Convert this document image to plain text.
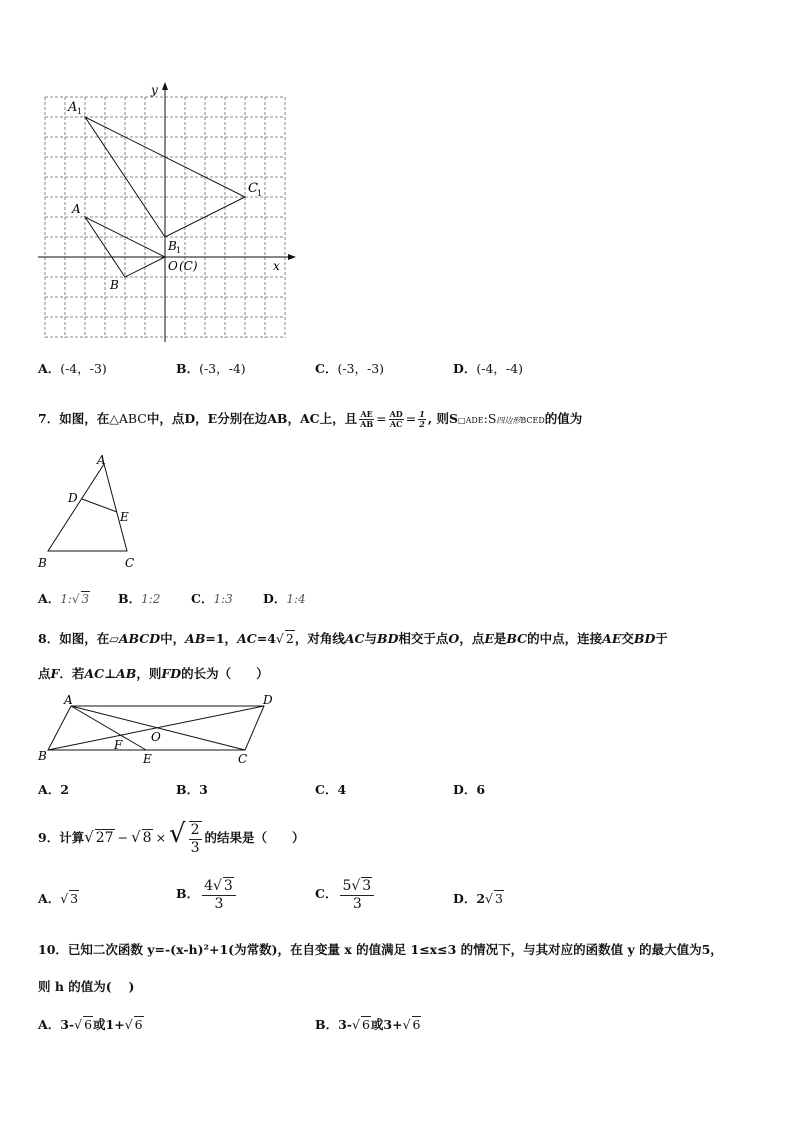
y
x
A 1
C 1
A
B 1
O (C)
B
A．(-4，-3)	B．(-3，-4)	C．(-3，-3)	D．(-4，-4)
7．如图，在△ABC中，点D，E分别在边AB，AC上，且 $\frac{AE}{AB} = \frac{AD}{AC} = \frac{1}{2}$ , 则S□ADE:S四边形BCED的值为
A
D
E
B	C
A．1:√ 3 B．1:2 C．1:3 D．1:4
8．如图，在▱ABCD中，AB=1，AC=4√ 2，对角线AC与BD相交于点O，点E是BC的中点，连接AE交BD于
点F．若AC⊥AB，则FD的长为（　　）
A	D
O
F
B	E	C
A．2	B．3	C．4	D．6
9．计算√ 27 − √ 8 × √ $\frac{2}{3}$ 的结果是（　　）
A．√ 3	B． $\frac{4√ 3}{3}$	C． $\frac{5√ 3}{3}$	D．2√ 3
10．已知二次函数 y=-(x-h)²+1(为常数)，在自变量 x 的值满足 1≤x≤3 的情况下，与其对应的函数值 y 的最大值为5，
则 h 的值为(　 )
A．3-√ 6或1+√ 6	B．3-√ 6或3+√ 6
